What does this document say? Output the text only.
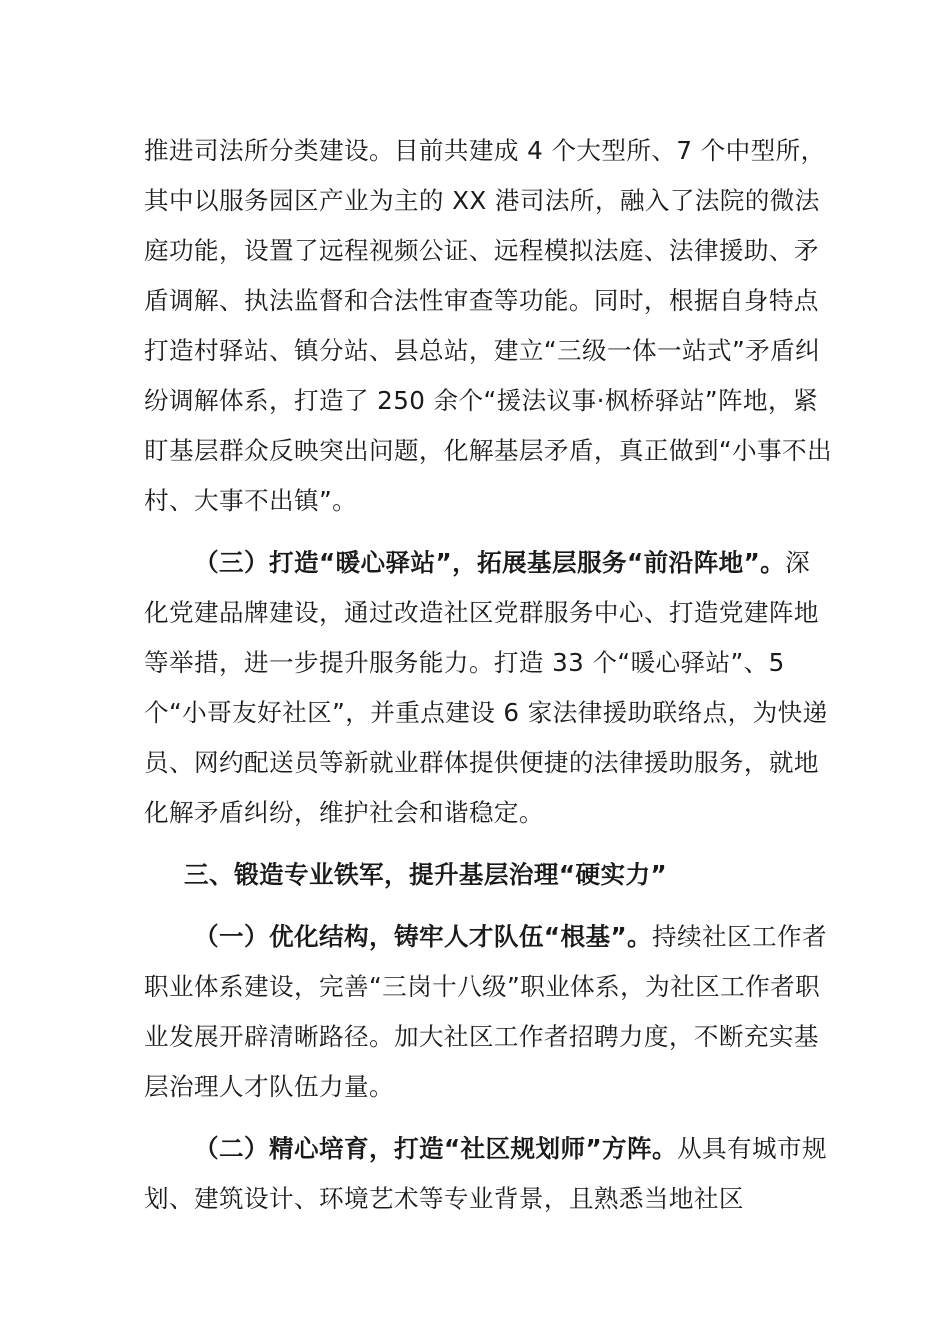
推进司法所分类建设。目前共建成 4 个大型所、7 个中型所，其中以服务园区产业为主的 XX 港司法所，融入了法院的微法庭功能，设置了远程视频公证、远程模拟法庭、法律援助、矛盾调解、执法监督和合法性审查等功能。同时，根据自身特点打造村驿站、镇分站、县总站，建立“三级一体一站式”矛盾纠纷调解体系，打造了 250 余个“援法议事·枫桥驿站”阵地，紧盯基层群众反映突出问题，化解基层矛盾，真正做到“小事不出村、大事不出镇”。

（三）打造“暖心驿站”，拓展基层服务“前沿阵地”。深化党建品牌建设，通过改造社区党群服务中心、打造党建阵地等举措，进一步提升服务能力。打造 33 个“暖心驿站”、5 个“小哥友好社区”，并重点建设 6 家法律援助联络点，为快递员、网约配送员等新就业群体提供便捷的法律援助服务，就地化解矛盾纠纷，维护社会和谐稳定。

三、锻造专业铁军，提升基层治理“硬实力”

（一）优化结构，铸牢人才队伍“根基”。持续社区工作者职业体系建设，完善“三岗十八级”职业体系，为社区工作者职业发展开辟清晰路径。加大社区工作者招聘力度，不断充实基层治理人才队伍力量。

（二）精心培育，打造“社区规划师”方阵。从具有城市规划、建筑设计、环境艺术等专业背景，且熟悉当地社区
